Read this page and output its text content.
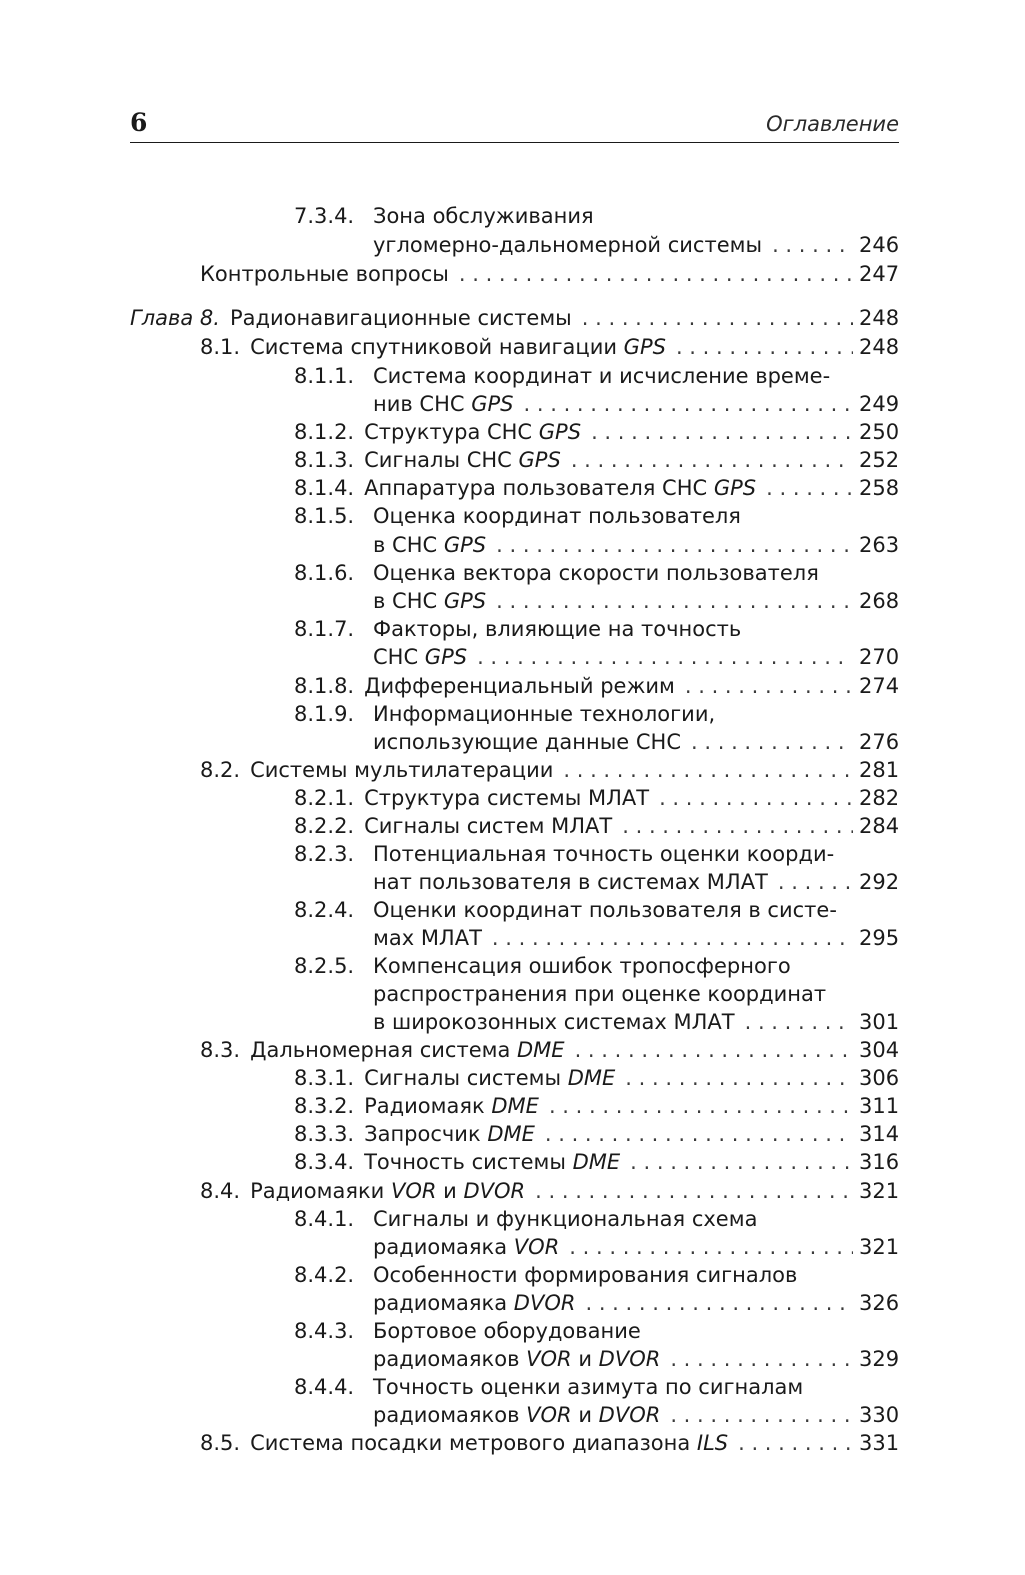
6	Оглавление
7.3.4. Зона обслуживания
угломерно-дальномерной системы . . .	246
Контрольные вопросы . . .	247
Глава 8. Радионавигационные системы . . .	248
8.1. Система спутниковой навигации GPS . . .	248
8.1.1. Система координат и исчисление време-
нив СНС GPS . . .	249
8.1.2. Структура СНС GPS . . .	250
8.1.3. Сигналы СНС GPS . . .	252
8.1.4. Аппаратура пользователя СНС GPS . . .	258
8.1.5. Оценка координат пользователя
в СНС GPS . . .	263
8.1.6. Оценка вектора скорости пользователя
в СНС GPS . . .	268
8.1.7. Факторы, влияющие на точность
СНС GPS . . .	270
8.1.8. Дифференциальный режим . . .	274
8.1.9. Информационные технологии,
использующие данные СНС . . .	276
8.2. Системы мультилатерации . . .	281
8.2.1. Структура системы МЛАТ . . .	282
8.2.2. Сигналы систем МЛАТ . . .	284
8.2.3. Потенциальная точность оценки коорди-
нат пользователя в системах МЛАТ . . .	292
8.2.4. Оценки координат пользователя в систе-
мах МЛАТ . . .	295
8.2.5. Компенсация ошибок тропосферного
распространения при оценке координат
в широкозонных системах МЛАТ . . .	301
8.3. Дальномерная система DME . . .	304
8.3.1. Сигналы системы DME . . .	306
8.3.2. Радиомаяк DME . . .	311
8.3.3. Запросчик DME . . .	314
8.3.4. Точность системы DME . . .	316
8.4. Радиомаяки VOR и DVOR . . .	321
8.4.1. Сигналы и функциональная схема
радиомаяка VOR . . .	321
8.4.2. Особенности формирования сигналов
радиомаяка DVOR . . .	326
8.4.3. Бортовое оборудование
радиомаяков VOR и DVOR . . .	329
8.4.4. Точность оценки азимута по сигналам
радиомаяков VOR и DVOR . . .	330
8.5. Система посадки метрового диапазона ILS . . .	331
